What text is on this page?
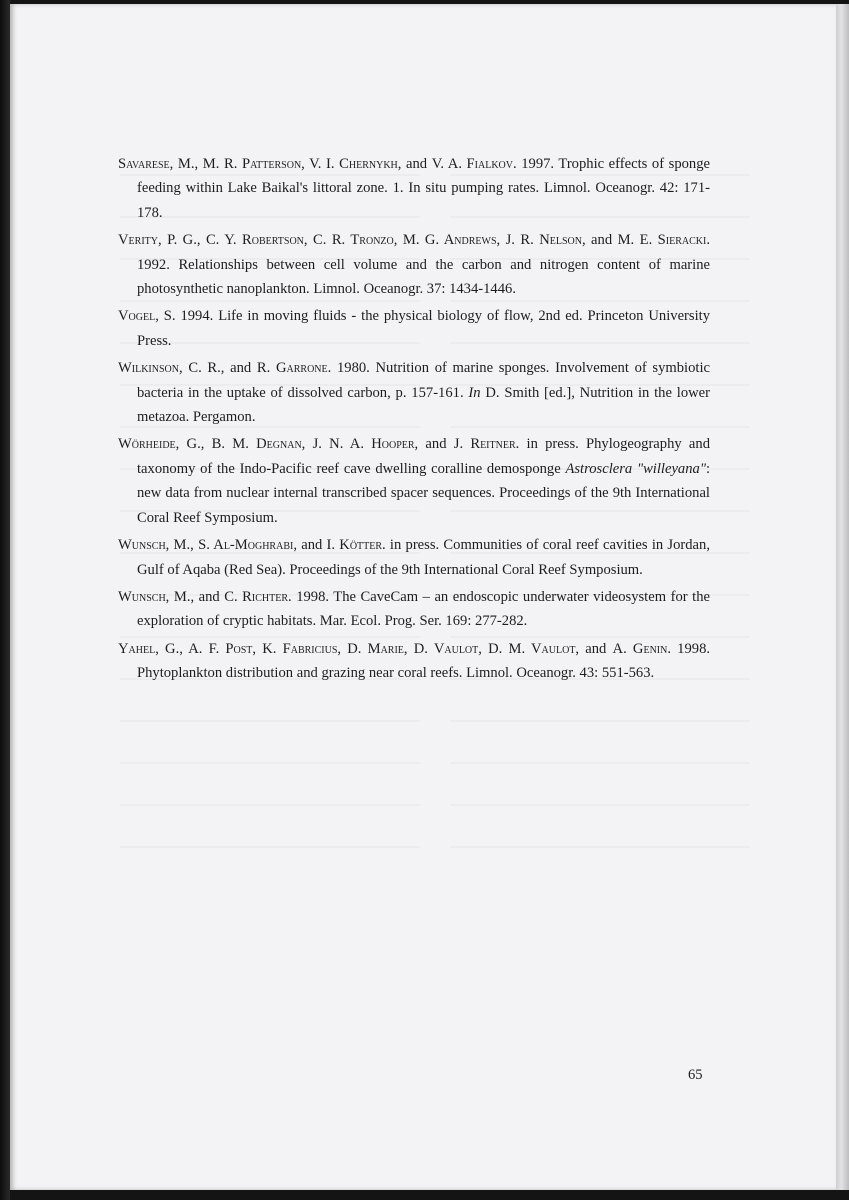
Savarese, M., M. R. Patterson, V. I. Chernykh, and V. A. Fialkov. 1997. Trophic effects of sponge feeding within Lake Baikal's littoral zone. 1. In situ pumping rates. Limnol. Oceanogr. 42: 171-178.

Verity, P. G., C. Y. Robertson, C. R. Tronzo, M. G. Andrews, J. R. Nelson, and M. E. Sieracki. 1992. Relationships between cell volume and the carbon and nitrogen content of marine photosynthetic nanoplankton. Limnol. Oceanogr. 37: 1434-1446.

Vogel, S. 1994. Life in moving fluids - the physical biology of flow, 2nd ed. Princeton University Press.

Wilkinson, C. R., and R. Garrone. 1980. Nutrition of marine sponges. Involvement of symbiotic bacteria in the uptake of dissolved carbon, p. 157-161. In D. Smith [ed.], Nutrition in the lower metazoa. Pergamon.

Wörheide, G., B. M. Degnan, J. N. A. Hooper, and J. Reitner. in press. Phylogeography and taxonomy of the Indo-Pacific reef cave dwelling coralline demosponge Astrosclera "willeyana": new data from nuclear internal transcribed spacer sequences. Proceedings of the 9th International Coral Reef Symposium.

Wunsch, M., S. Al-Moghrabi, and I. Kötter. in press. Communities of coral reef cavities in Jordan, Gulf of Aqaba (Red Sea). Proceedings of the 9th International Coral Reef Symposium.

Wunsch, M., and C. Richter. 1998. The CaveCam – an endoscopic underwater videosystem for the exploration of cryptic habitats. Mar. Ecol. Prog. Ser. 169: 277-282.

Yahel, G., A. F. Post, K. Fabricius, D. Marie, D. Vaulot, D. M. Vaulot, and A. Genin. 1998. Phytoplankton distribution and grazing near coral reefs. Limnol. Oceanogr. 43: 551-563.

65
